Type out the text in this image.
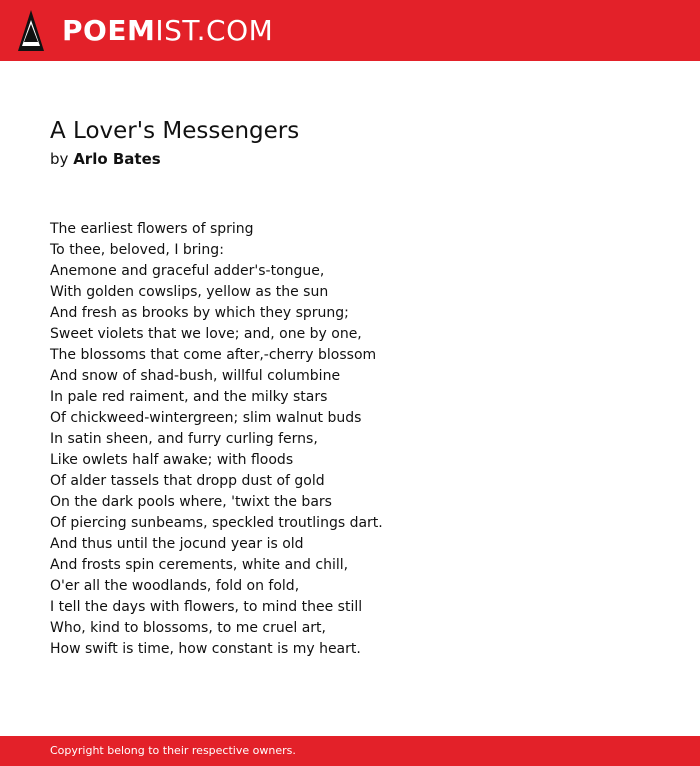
POEMIST.COM
A Lover's Messengers
by Arlo Bates
The earliest flowers of spring
To thee, beloved, I bring:
Anemone and graceful adder's-tongue,
With golden cowslips, yellow as the sun
And fresh as brooks by which they sprung;
Sweet violets that we love; and, one by one,
The blossoms that come after,-cherry blossom
And snow of shad-bush, willful columbine
In pale red raiment, and the milky stars
Of chickweed-wintergreen; slim walnut buds
In satin sheen, and furry curling ferns,
Like owlets half awake; with floods
Of alder tassels that dropp dust of gold
On the dark pools where, 'twixt the bars
Of piercing sunbeams, speckled troutlings dart.
And thus until the jocund year is old
And frosts spin cerements, white and chill,
O'er all the woodlands, fold on fold,
I tell the days with flowers, to mind thee still
Who, kind to blossoms, to me cruel art,
How swift is time, how constant is my heart.
Copyright belong to their respective owners.
